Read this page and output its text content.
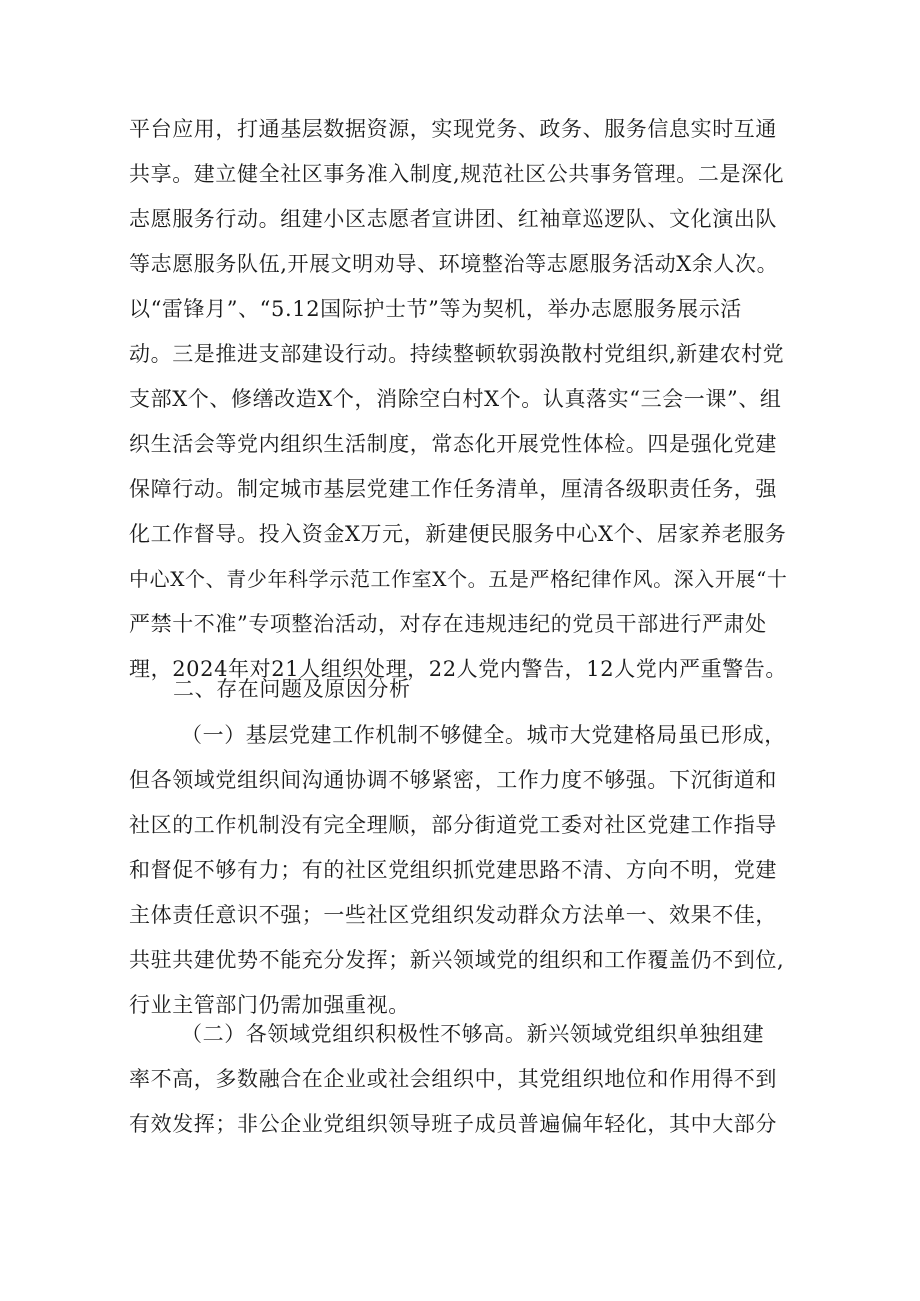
平台应用，打通基层数据资源，实现党务、政务、服务信息实时互通
共享。建立健全社区事务准入制度,规范社区公共事务管理。二是深化
志愿服务行动。组建小区志愿者宣讲团、红袖章巡逻队、文化演出队
等志愿服务队伍,开展文明劝导、环境整治等志愿服务活动X余人次。
以“雷锋月”、“5.12国际护士节”等为契机，举办志愿服务展示活
动。三是推进支部建设行动。持续整顿软弱涣散村党组织,新建农村党
支部X个、修缮改造X个，消除空白村X个。认真落实“三会一课”、组
织生活会等党内组织生活制度，常态化开展党性体检。四是强化党建
保障行动。制定城市基层党建工作任务清单，厘清各级职责任务，强
化工作督导。投入资金X万元，新建便民服务中心X个、居家养老服务
中心X个、青少年科学示范工作室X个。五是严格纪律作风。深入开展“十
严禁十不准”专项整治活动，对存在违规违纪的党员干部进行严肃处
理，2024年对21人组织处理，22人党内警告，12人党内严重警告。
二、存在问题及原因分析
（一）基层党建工作机制不够健全。城市大党建格局虽已形成，
但各领域党组织间沟通协调不够紧密，工作力度不够强。下沉街道和
社区的工作机制没有完全理顺，部分街道党工委对社区党建工作指导
和督促不够有力；有的社区党组织抓党建思路不清、方向不明，党建
主体责任意识不强；一些社区党组织发动群众方法单一、效果不佳，
共驻共建优势不能充分发挥；新兴领域党的组织和工作覆盖仍不到位,
行业主管部门仍需加强重视。
（二）各领域党组织积极性不够高。新兴领域党组织单独组建
率不高，多数融合在企业或社会组织中，其党组织地位和作用得不到
有效发挥；非公企业党组织领导班子成员普遍偏年轻化，其中大部分
